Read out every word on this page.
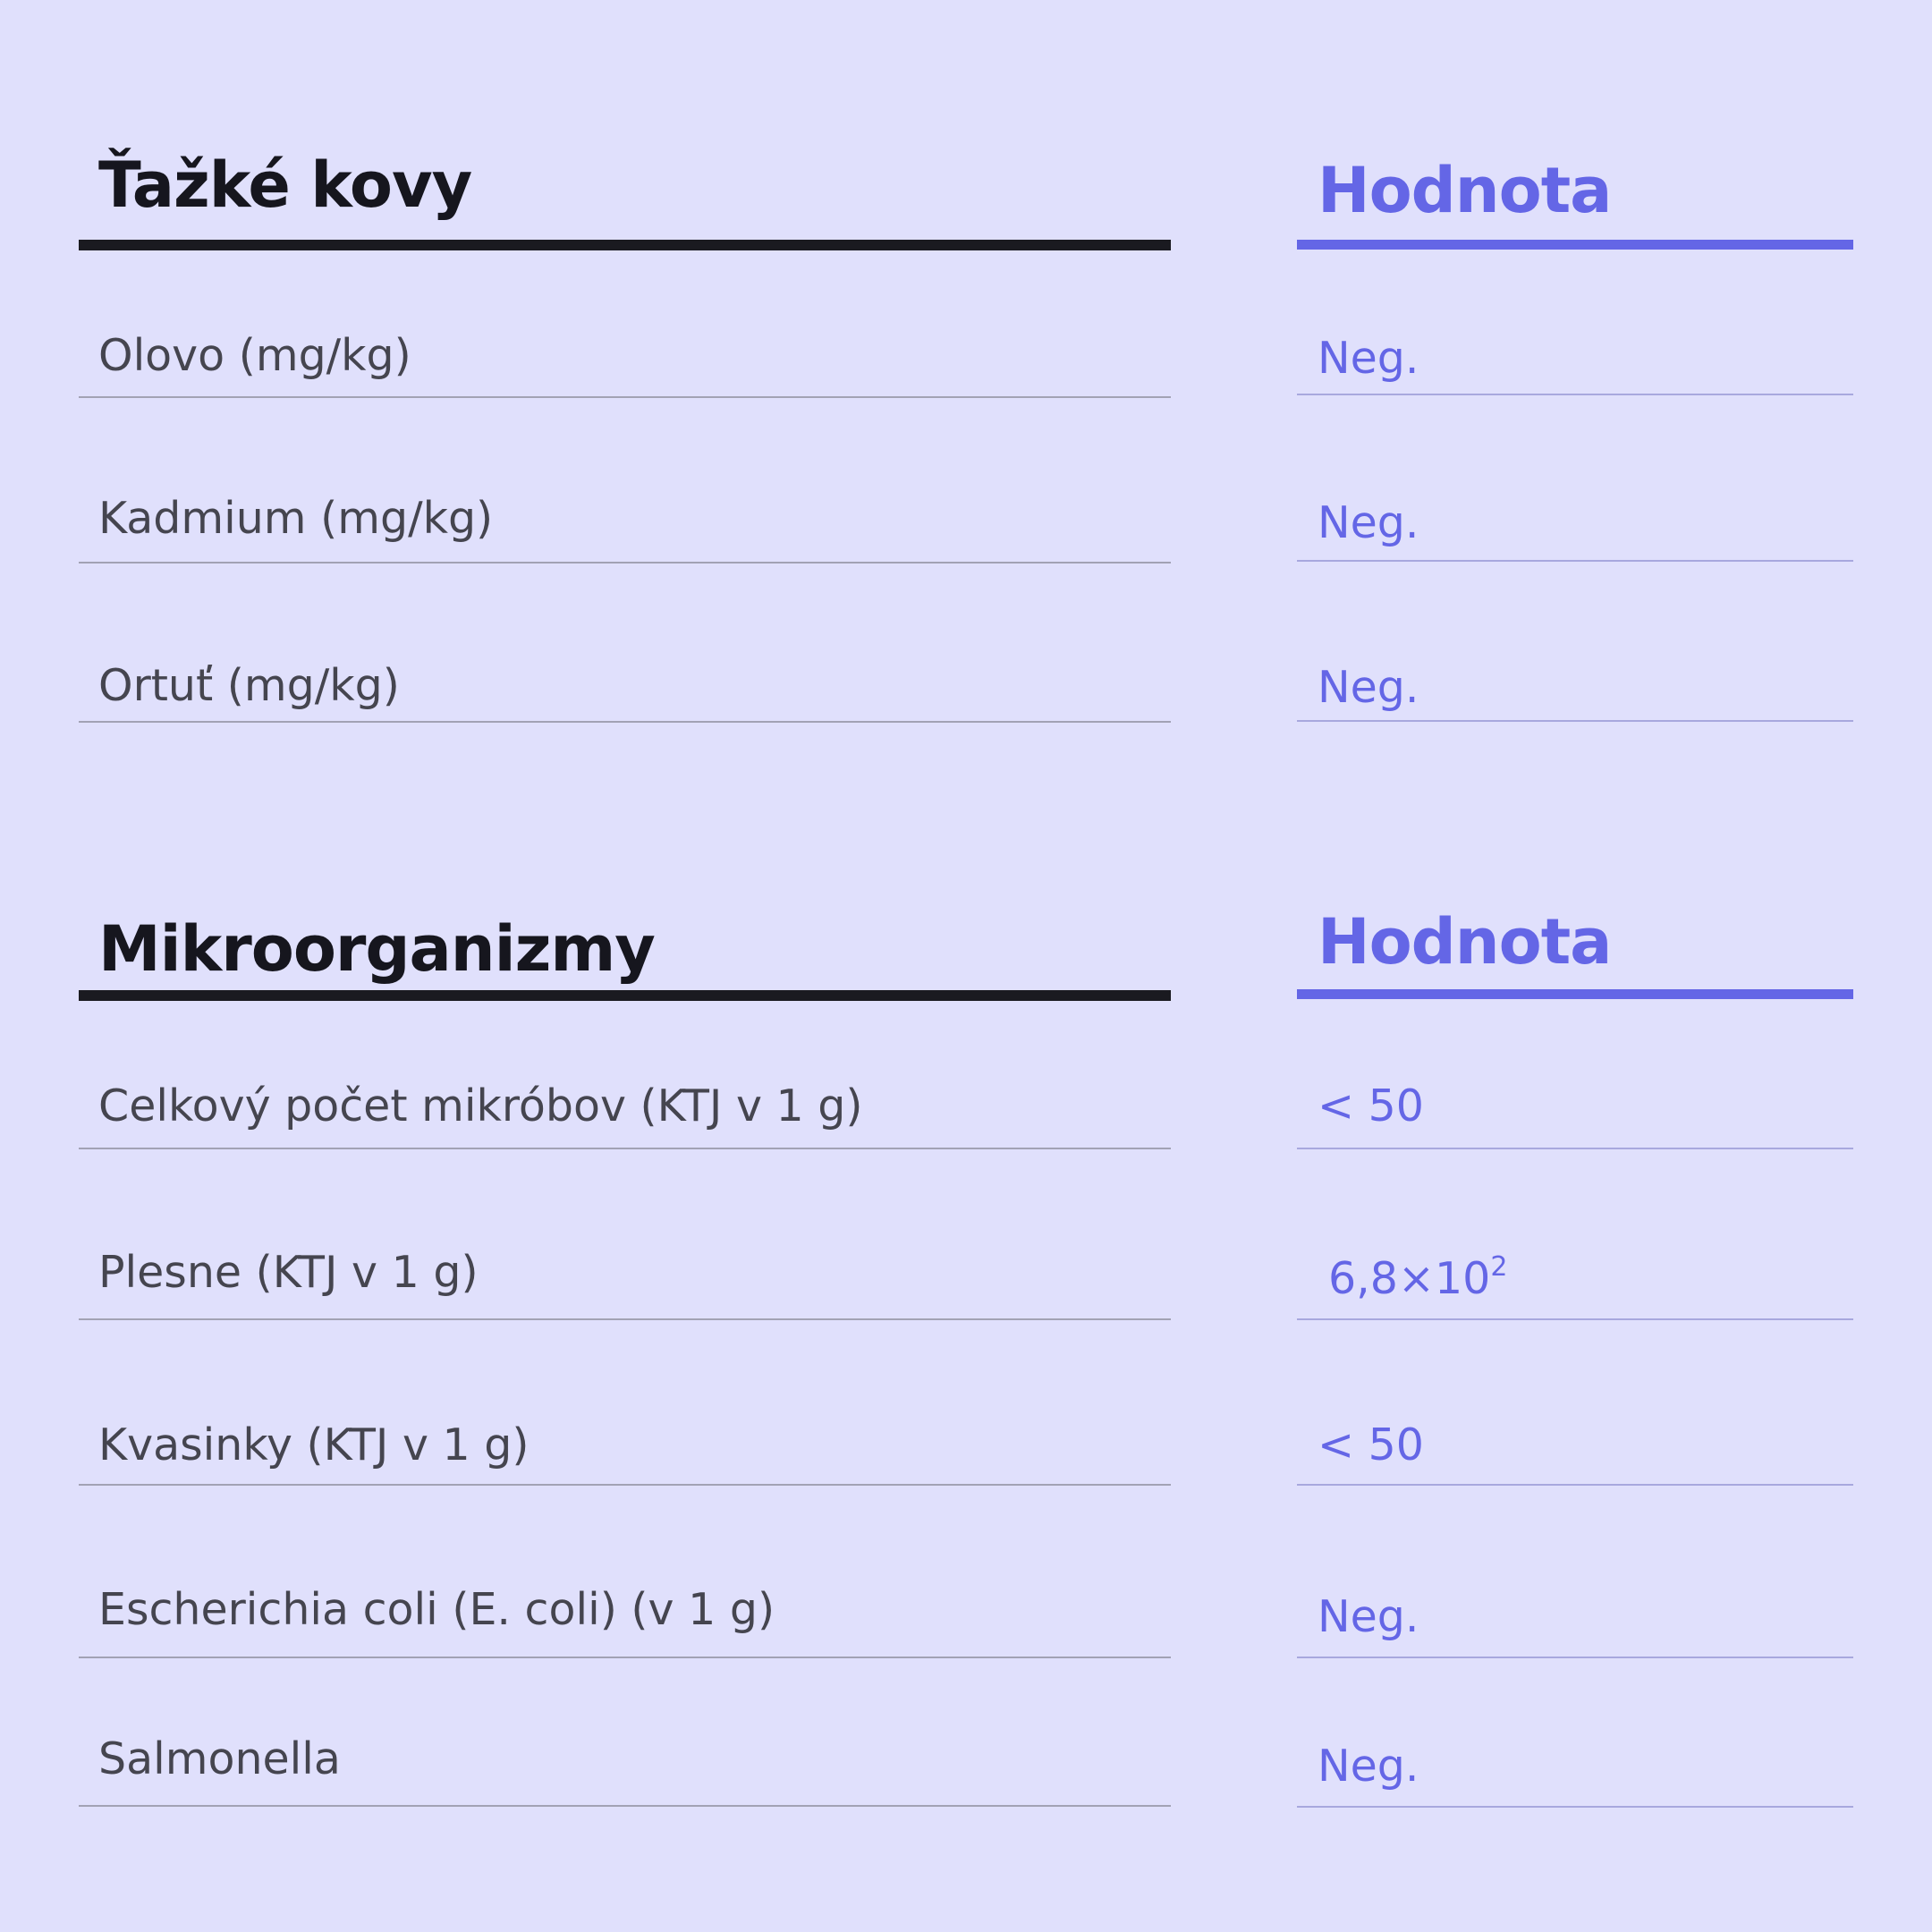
Ťažké kovy	Hodnota
Olovo (mg/kg)	Neg.
Kadmium (mg/kg)	Neg.
Ortuť (mg/kg)	Neg.
Mikroorganizmy	Hodnota
Celkový počet mikróbov (KTJ v 1 g)	< 50
Plesne (KTJ v 1 g)	$6,8\times 10^2$
Kvasinky (KTJ v 1 g)	< 50
Escherichia coli (E. coli) (v 1 g)	Neg.
Salmonella	Neg.
